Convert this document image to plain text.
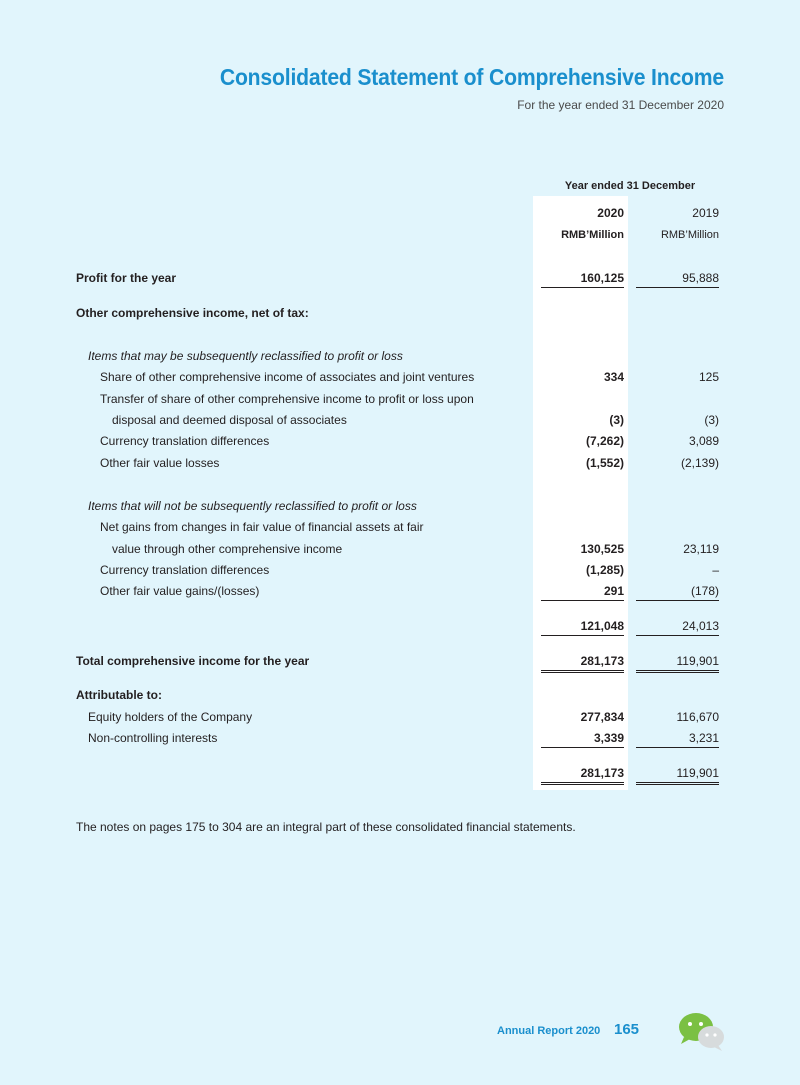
Consolidated Statement of Comprehensive Income
For the year ended 31 December 2020
Year ended 31 December
2020	2019
RMB’Million	RMB’Million
Profit for the year	160,125	95,888
Other comprehensive income, net of tax:
Items that may be subsequently reclassified to profit or loss
Share of other comprehensive income of associates and joint ventures	334	125
Transfer of share of other comprehensive income to profit or loss upon
disposal and deemed disposal of associates	(3)	(3)
Currency translation differences	(7,262)	3,089
Other fair value losses	(1,552)	(2,139)
Items that will not be subsequently reclassified to profit or loss
Net gains from changes in fair value of financial assets at fair
value through other comprehensive income	130,525	23,119
Currency translation differences	(1,285)	–
Other fair value gains/(losses)	291	(178)
121,048	24,013
Total comprehensive income for the year	281,173	119,901
Attributable to:
Equity holders of the Company	277,834	116,670
Non-controlling interests	3,339	3,231
281,173	119,901
The notes on pages 175 to 304 are an integral part of these consolidated financial statements.
Annual Report 2020 165
